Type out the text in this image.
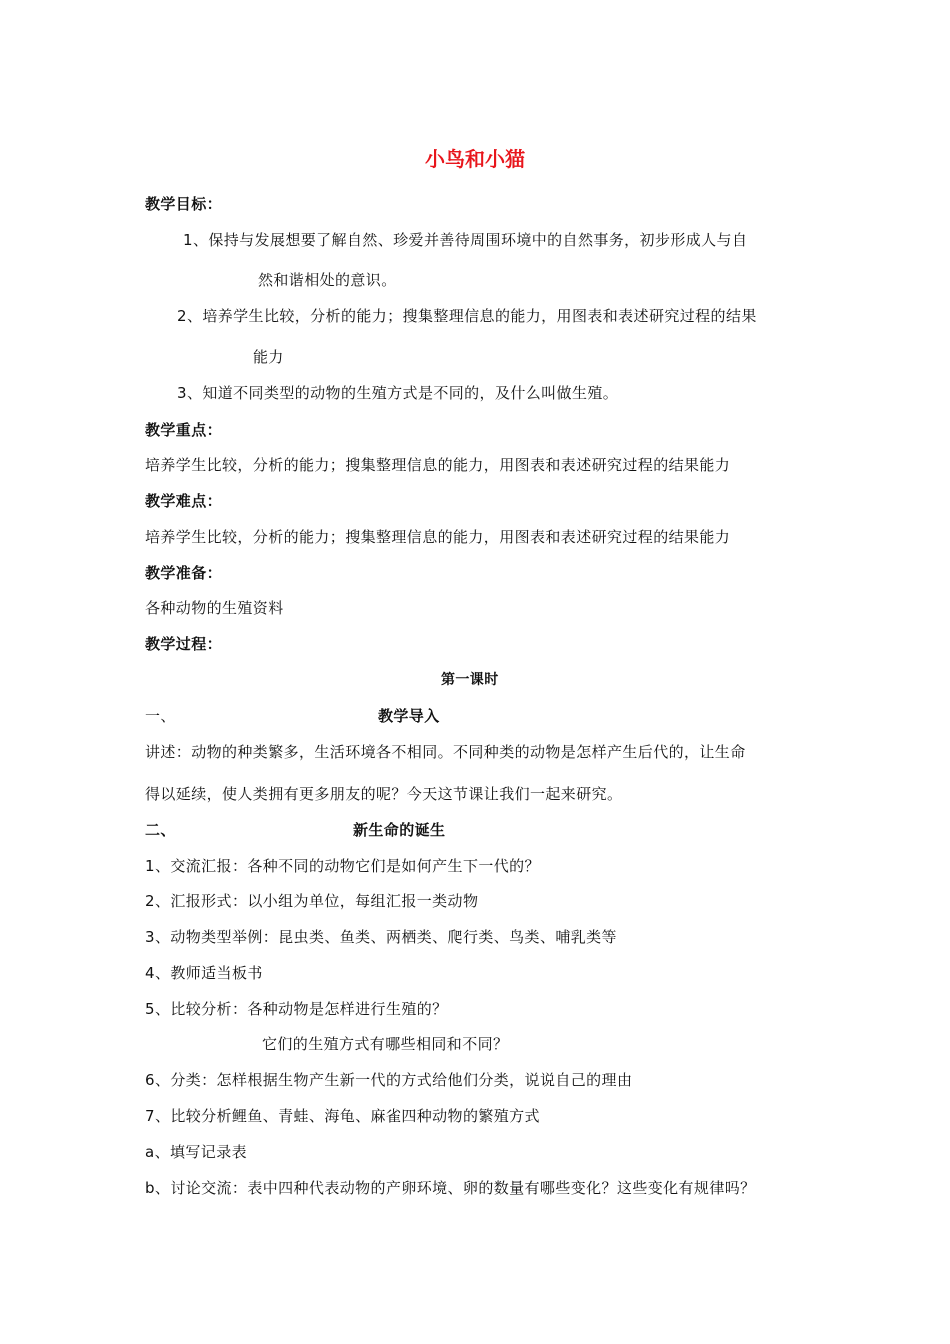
小鸟和小猫
教学目标：
1、保持与发展想要了解自然、珍爱并善待周围环境中的自然事务，初步形成人与自
然和谐相处的意识。
2、培养学生比较，分析的能力；搜集整理信息的能力，用图表和表述研究过程的结果
能力
3、知道不同类型的动物的生殖方式是不同的，及什么叫做生殖。
教学重点：
培养学生比较，分析的能力；搜集整理信息的能力，用图表和表述研究过程的结果能力
教学难点：
培养学生比较，分析的能力；搜集整理信息的能力，用图表和表述研究过程的结果能力
教学准备：
各种动物的生殖资料
教学过程：
第一课时
一、	教学导入
讲述：动物的种类繁多，生活环境各不相同。不同种类的动物是怎样产生后代的，让生命
得以延续，使人类拥有更多朋友的呢？今天这节课让我们一起来研究。
二、	新生命的诞生
1、交流汇报：各种不同的动物它们是如何产生下一代的？
2、汇报形式：以小组为单位，每组汇报一类动物
3、动物类型举例：昆虫类、鱼类、两栖类、爬行类、鸟类、哺乳类等
4、教师适当板书
5、比较分析：各种动物是怎样进行生殖的？
它们的生殖方式有哪些相同和不同？
6、分类：怎样根据生物产生新一代的方式给他们分类，说说自己的理由
7、比较分析鲤鱼、青蛙、海龟、麻雀四种动物的繁殖方式
a、填写记录表
b、讨论交流：表中四种代表动物的产卵环境、卵的数量有哪些变化？这些变化有规律吗？
